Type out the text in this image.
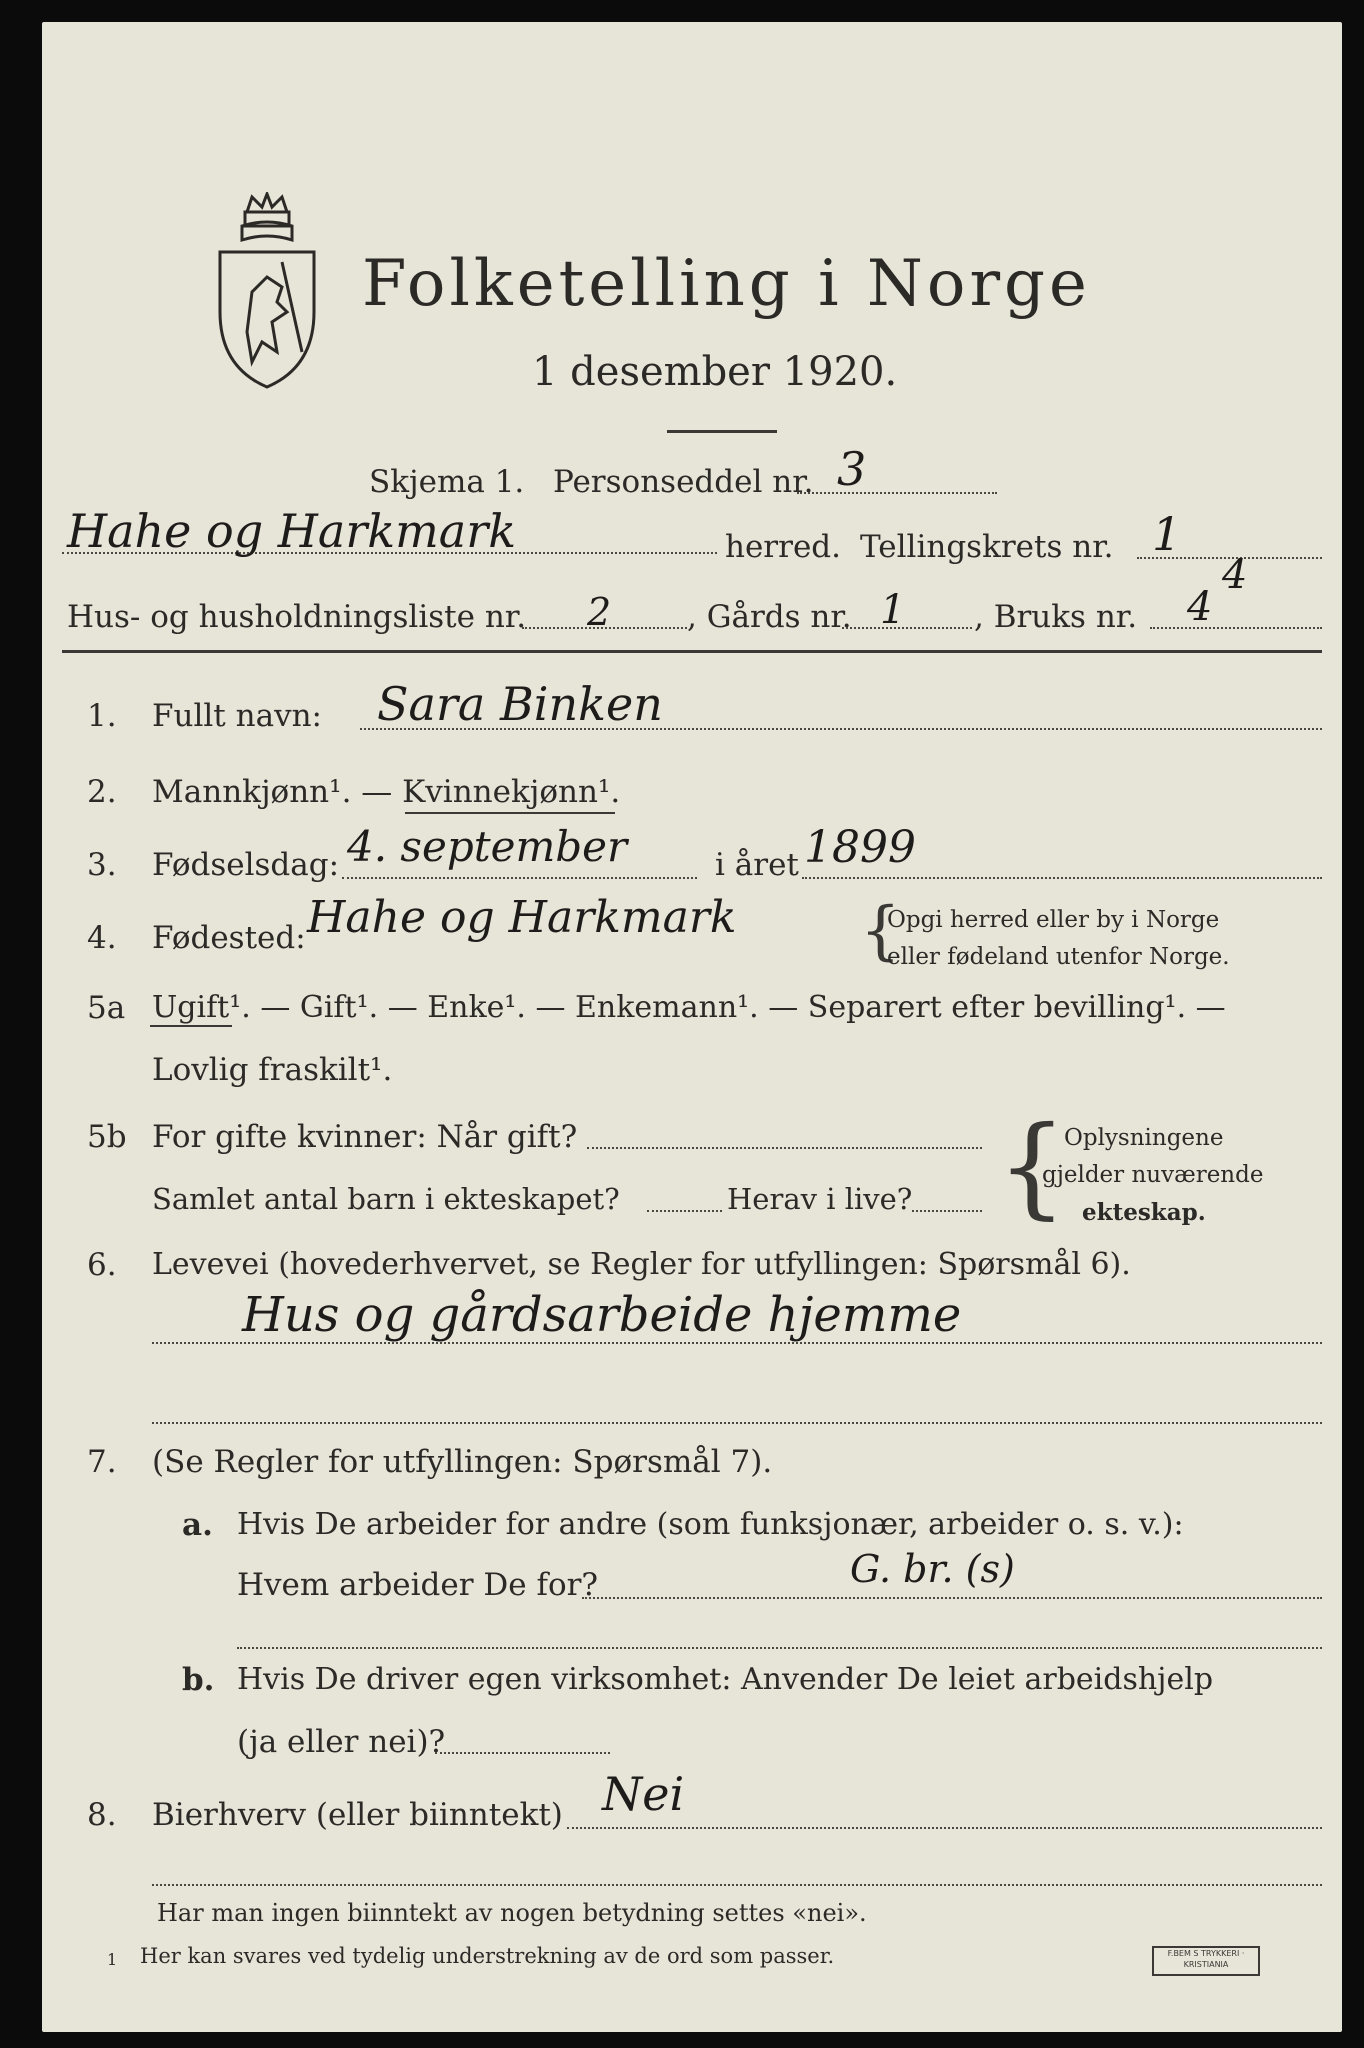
Folketelling i Norge
1 desember 1920.
Skjema 1. Personseddel nr. 3
Hahe og Harkmark	herred. Tellingskrets nr. 1
4
Hus- og husholdningsliste nr. 2 , Gårds nr. 1 , Bruks nr. 4
1. Fullt navn: Sara Binken
2. Mannkjønn¹. — Kvinnekjønn¹.
3. Fødselsdag: 4. september	i året 1899
4. Fødested: Hahe og Harkmark {
Opgi herred eller by i Norge
eller fødeland utenfor Norge.
5a Ugift¹. — Gift¹. — Enke¹. — Enkemann¹. — Separert efter bevilling¹. —
Lovlig fraskilt¹.
5b For gifte kvinner: Når gift?
Samlet antal barn i ekteskapet?	Herav i live? {
Oplysningene
gjelder nuværende
ekteskap.
6. Levevei (hovederhvervet, se Regler for utfyllingen: Spørsmål 6).
Hus og gårdsarbeide hjemme
7. (Se Regler for utfyllingen: Spørsmål 7).
a. Hvis De arbeider for andre (som funksjonær, arbeider o. s. v.):
Hvem arbeider De for?	G. br. (s)
b. Hvis De driver egen virksomhet: Anvender De leiet arbeidshjelp
(ja eller nei)?
8. Bierhverv (eller biinntekt) Nei
Har man ingen biinntekt av nogen betydning settes «nei».
1 Her kan svares ved tydelig understrekning av de ord som passer.	F.BEM S TRYKKERI · KRISTIANIA
